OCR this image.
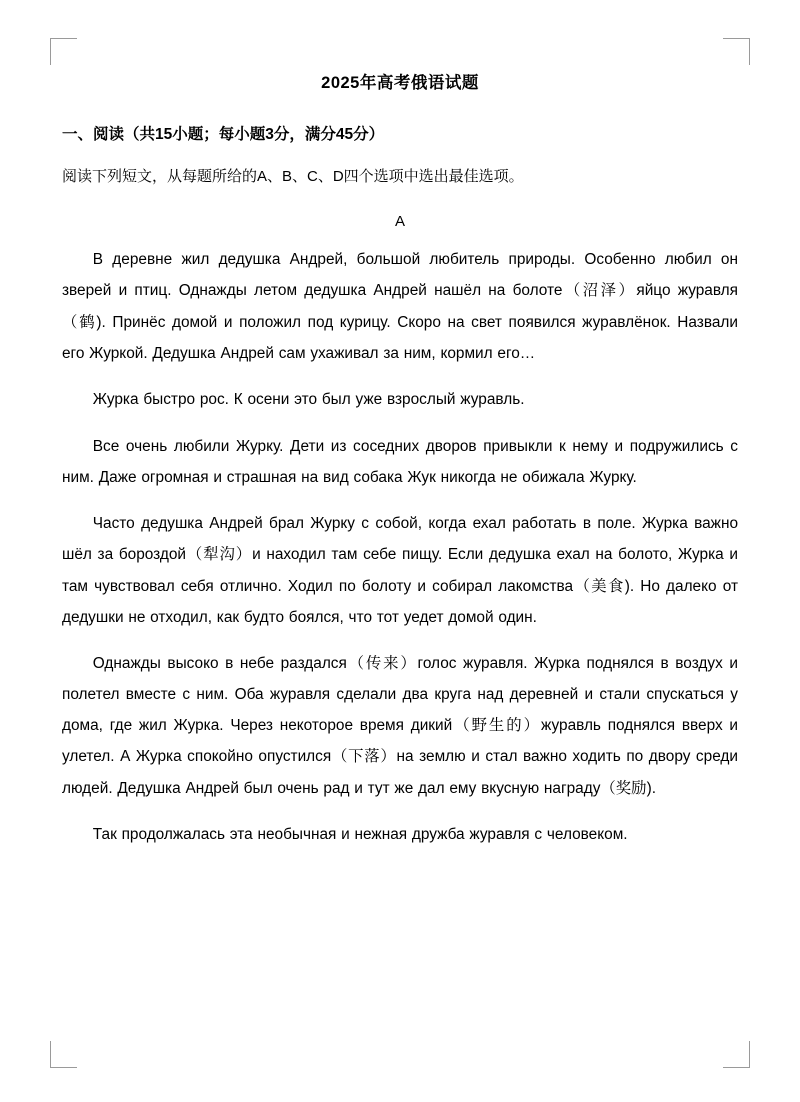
2025年高考俄语试题
一、阅读（共15小题；每小题3分，满分45分）
阅读下列短文，从每题所给的A、B、C、D四个选项中选出最佳选项。
A

В деревне жил дедушка Андрей, большой любитель природы. Особенно любил он зверей и птиц. Однажды летом дедушка Андрей нашёл на болоте（沼泽）яйцо журавля（鹤). Принёс домой и положил под курицу. Скоро на свет появился журавлёнок. Назвали его Журкой. Дедушка Андрей сам ухаживал за ним, кормил его…

Журка быстро рос. К осени это был уже взрослый журавль.

Все очень любили Журку. Дети из соседних дворов привыкли к нему и подружились с ним. Даже огромная и страшная на вид собака Жук никогда не обижала Журку.

Часто дедушка Андрей брал Журку с собой, когда ехал работать в поле. Журка важно шёл за бороздой（犁沟）и находил там себе пищу. Если дедушка ехал на болото, Журка и там чувствовал себя отлично. Ходил по болоту и собирал лакомства（美食). Но далеко от дедушки не отходил, как будто боялся, что тот уедет домой один.

Однажды высоко в небе раздался（传来）голос журавля. Журка поднялся в воздух и полетел вместе с ним. Оба журавля сделали два круга над деревней и стали спускаться у дома, где жил Журка. Через некоторое время дикий（野生的）журавль поднялся вверх и улетел. А Журка спокойно опустился（下落）на землю и стал важно ходить по двору среди людей. Дедушка Андрей был очень рад и тут же дал ему вкусную награду（奖励).

Так продолжалась эта необычная и нежная дружба журавля с человеком.
